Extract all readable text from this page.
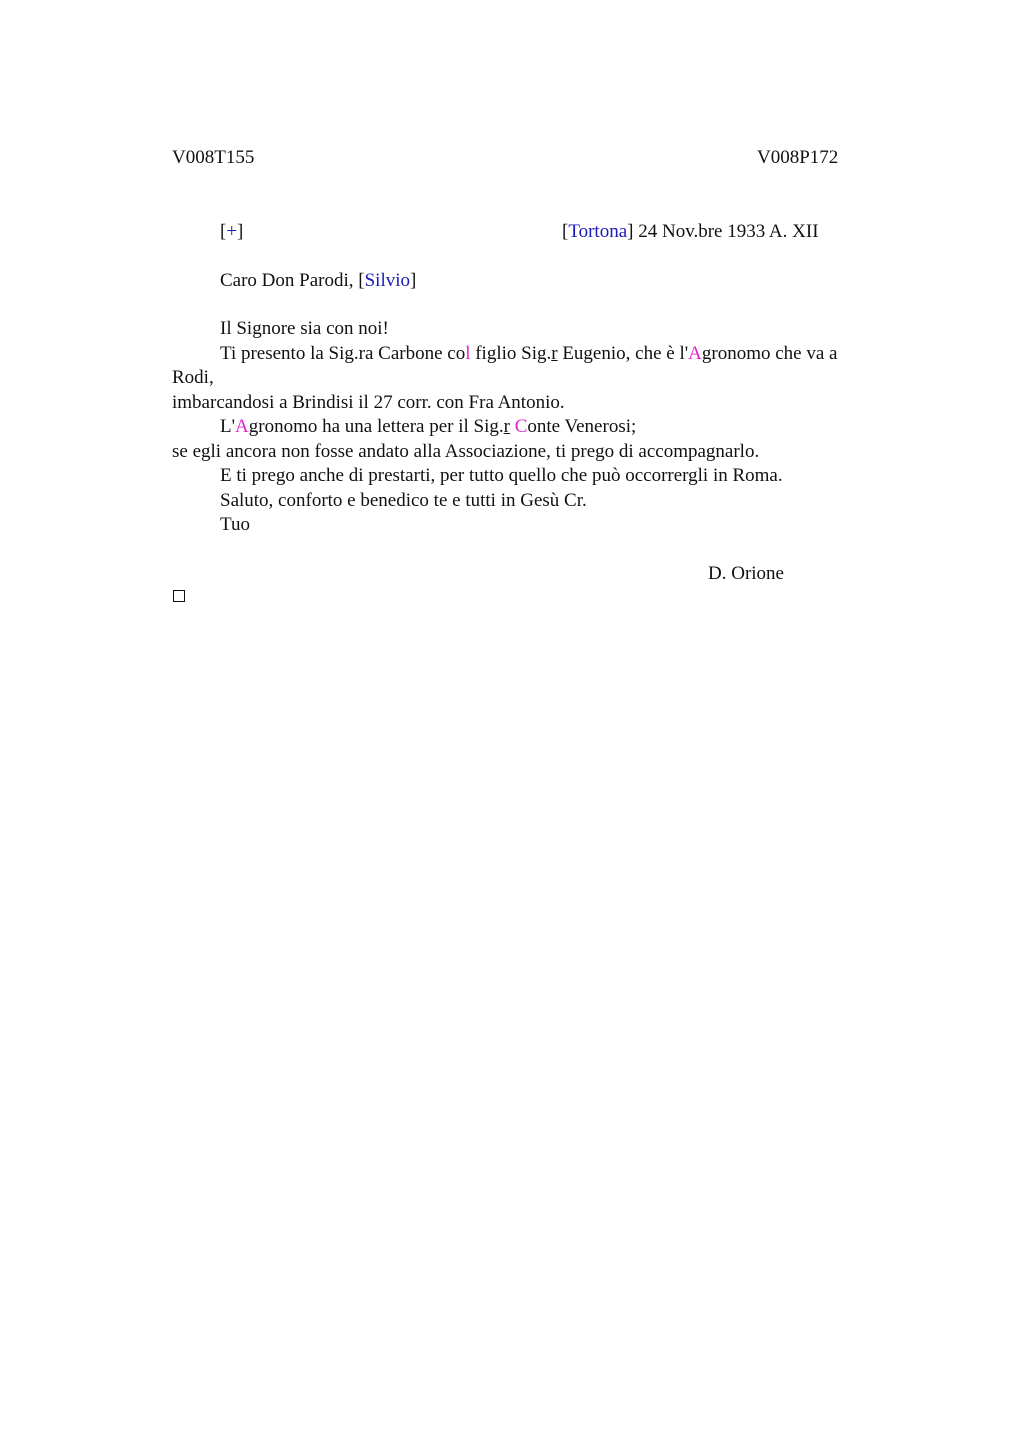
V008T155	V008P172
[+]	[Tortona] 24 Nov.bre 1933 A. XII
Caro Don Parodi, [Silvio]
Il Signore sia con noi!
Ti presento la Sig.ra Carbone col figlio Sig.r Eugenio, che è l'Agronomo che va a
Rodi,
imbarcandosi a Brindisi il 27 corr. con Fra Antonio.
L'Agronomo ha una lettera per il Sig.r Conte Venerosi;
se egli ancora non fosse andato alla Associazione, ti prego di accompagnarlo.
E ti prego anche di prestarti, per tutto quello che può occorrergli in Roma.
Saluto, conforto e benedico te e tutti in Gesù Cr.
Tuo
D. Orione
